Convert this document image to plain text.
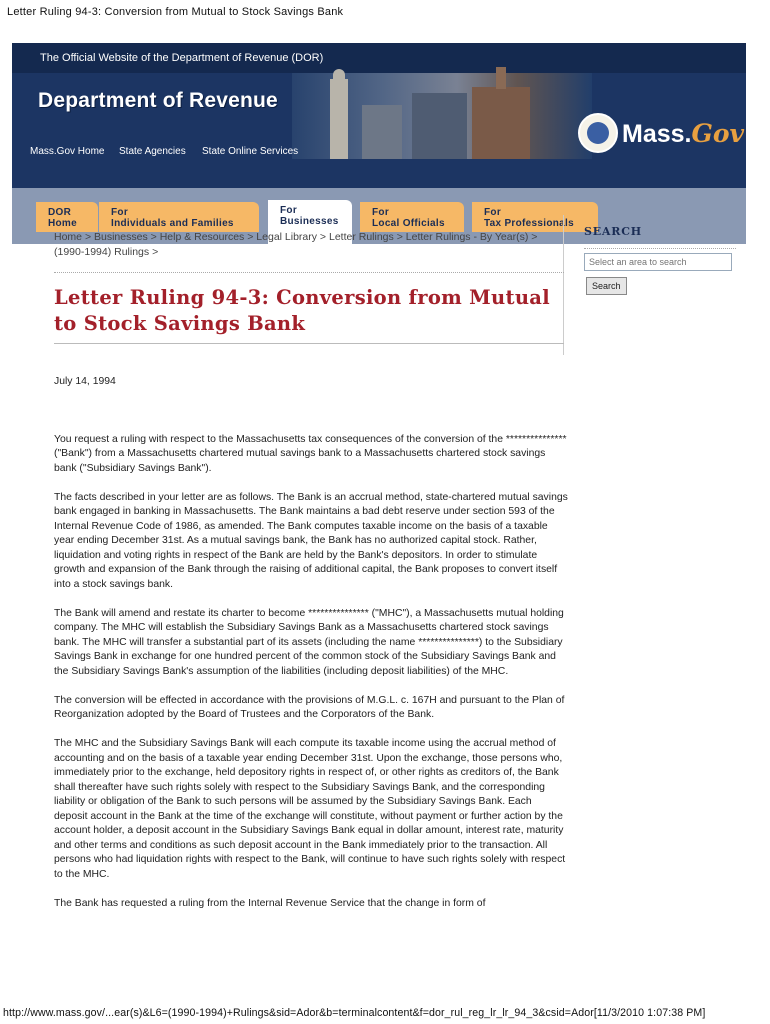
Letter Ruling 94-3: Conversion from Mutual to Stock Savings Bank
The Official Website of the Department of Revenue (DOR)
Department of Revenue
Mass.Gov
Mass.Gov Home State Agencies State Online Services
DOR
Home
For
Individuals and Families
For
Businesses
For
Local Officials
For
Tax Professionals
Home > Businesses > Help & Resources > Legal Library > Letter Rulings > Letter Rulings - By Year(s) > (1990-1994) Rulings >
Letter Ruling 94-3: Conversion from Mutual to Stock Savings Bank
SEARCH
Select an area to search Search

July 14, 1994

You request a ruling with respect to the Massachusetts tax consequences of the conversion of the *************** ("Bank") from a Massachusetts chartered mutual savings bank to a Massachusetts chartered stock savings bank ("Subsidiary Savings Bank").

The facts described in your letter are as follows. The Bank is an accrual method, state-chartered mutual savings bank engaged in banking in Massachusetts. The Bank maintains a bad debt reserve under section 593 of the Internal Revenue Code of 1986, as amended. The Bank computes taxable income on the basis of a taxable year ending December 31st. As a mutual savings bank, the Bank has no authorized capital stock. Rather, liquidation and voting rights in respect of the Bank are held by the Bank's depositors. In order to stimulate growth and expansion of the Bank through the raising of additional capital, the Bank proposes to convert itself into a stock savings bank.

The Bank will amend and restate its charter to become *************** ("MHC"), a Massachusetts mutual holding company. The MHC will establish the Subsidiary Savings Bank as a Massachusetts chartered stock savings bank. The MHC will transfer a substantial part of its assets (including the name ***************) to the Subsidiary Savings Bank in exchange for one hundred percent of the common stock of the Subsidiary Savings Bank and the Subsidiary Savings Bank's assumption of the liabilities (including deposit liabilities) of the MHC.

The conversion will be effected in accordance with the provisions of M.G.L. c. 167H and pursuant to the Plan of Reorganization adopted by the Board of Trustees and the Corporators of the Bank.

The MHC and the Subsidiary Savings Bank will each compute its taxable income using the accrual method of accounting and on the basis of a taxable year ending December 31st. Upon the exchange, those persons who, immediately prior to the exchange, held depository rights in respect of, or other rights as creditors of, the Bank shall thereafter have such rights solely with respect to the Subsidiary Savings Bank, and the corresponding liability or obligation of the Bank to such persons will be assumed by the Subsidiary Savings Bank. Each deposit account in the Bank at the time of the exchange will constitute, without payment or further action by the account holder, a deposit account in the Subsidiary Savings Bank equal in dollar amount, interest rate, maturity and other terms and conditions as such deposit account in the Bank immediately prior to the transaction. All persons who had liquidation rights with respect to the Bank, will continue to have such rights solely with respect to the MHC.

The Bank has requested a ruling from the Internal Revenue Service that the change in form of

http://www.mass.gov/...ear(s)&L6=(1990-1994)+Rulings&sid=Ador&b=terminalcontent&f=dor_rul_reg_lr_lr_94_3&csid=Ador[11/3/2010 1:07:38 PM]
